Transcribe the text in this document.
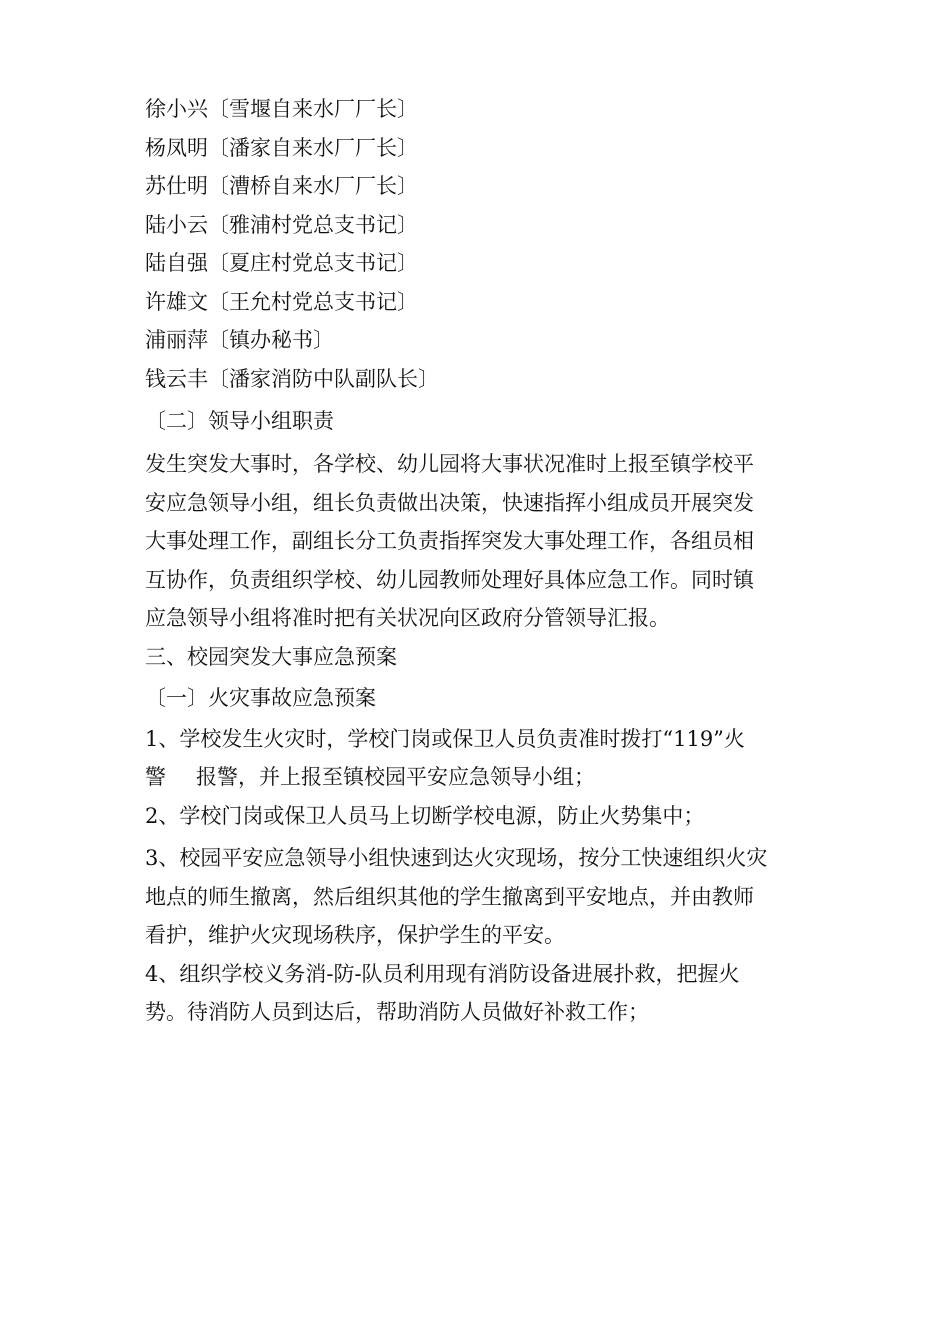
徐小兴〔雪堰自来水厂厂长〕

杨凤明〔潘家自来水厂厂长〕

苏仕明〔漕桥自来水厂厂长〕

陆小云〔雅浦村党总支书记〕

陆自强〔夏庄村党总支书记〕

许雄文〔王允村党总支书记〕

浦丽萍〔镇办秘书〕

钱云丰〔潘家消防中队副队长〕

〔二〕领导小组职责

发生突发大事时，各学校、幼儿园将大事状况准时上报至镇学校平

安应急领导小组，组长负责做出决策，快速指挥小组成员开展突发

大事处理工作，副组长分工负责指挥突发大事处理工作，各组员相

互协作，负责组织学校、幼儿园教师处理好具体应急工作。同时镇

应急领导小组将准时把有关状况向区政府分管领导汇报。

三、校园突发大事应急预案

〔一〕火灾事故应急预案

1、学校发生火灾时，学校门岗或保卫人员负责准时拨打“119”火

警 报警，并上报至镇校园平安应急领导小组；

2、学校门岗或保卫人员马上切断学校电源，防止火势集中；

3、校园平安应急领导小组快速到达火灾现场，按分工快速组织火灾

地点的师生撤离，然后组织其他的学生撤离到平安地点，并由教师

看护，维护火灾现场秩序，保护学生的平安。

4、组织学校义务消-防-队员利用现有消防设备进展扑救，把握火

势。待消防人员到达后，帮助消防人员做好补救工作；
